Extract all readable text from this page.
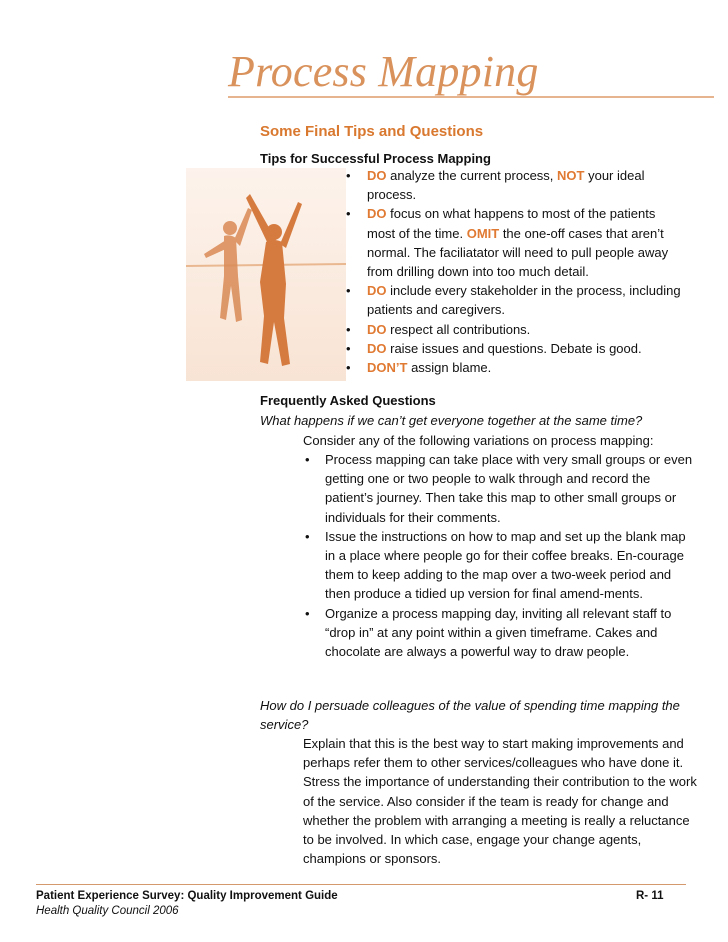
Process Mapping
Some Final Tips and Questions
Tips for Successful Process Mapping
• DO analyze the current process, NOT your ideal process.
• DO focus on what happens to most of the patients most of the time. OMIT the one-off cases that aren’t normal. The faciliatator will need to pull people away from drilling down into too much detail.
• DO include every stakeholder in the process, including patients and caregivers.
• DO respect all contributions.
• DO raise issues and questions. Debate is good.
• DON’T assign blame.
Frequently Asked Questions
What happens if we can’t get everyone together at the same time?
Consider any of the following variations on process mapping:
• Process mapping can take place with very small groups or even getting one or two people to walk through and record the patient’s journey. Then take this map to other small groups or individuals for their comments.
• Issue the instructions on how to map and set up the blank map in a place where people go for their coffee breaks. En-courage them to keep adding to the map over a two-week period and then produce a tidied up version for final amend-ments.
• Organize a process mapping day, inviting all relevant staff to “drop in” at any point within a given timeframe. Cakes and chocolate are always a powerful way to draw people.
How do I persuade colleagues of the value of spending time mapping the service?
Explain that this is the best way to start making improvements and perhaps refer them to other services/colleagues who have done it. Stress the importance of understanding their contribution to the work of the service. Also consider if the team is ready for change and whether the problem with arranging a meeting is really a reluctance to be involved. In which case, engage your change agents, champions or sponsors.
Patient Experience Survey: Quality Improvement Guide
Health Quality Council 2006
R- 11
